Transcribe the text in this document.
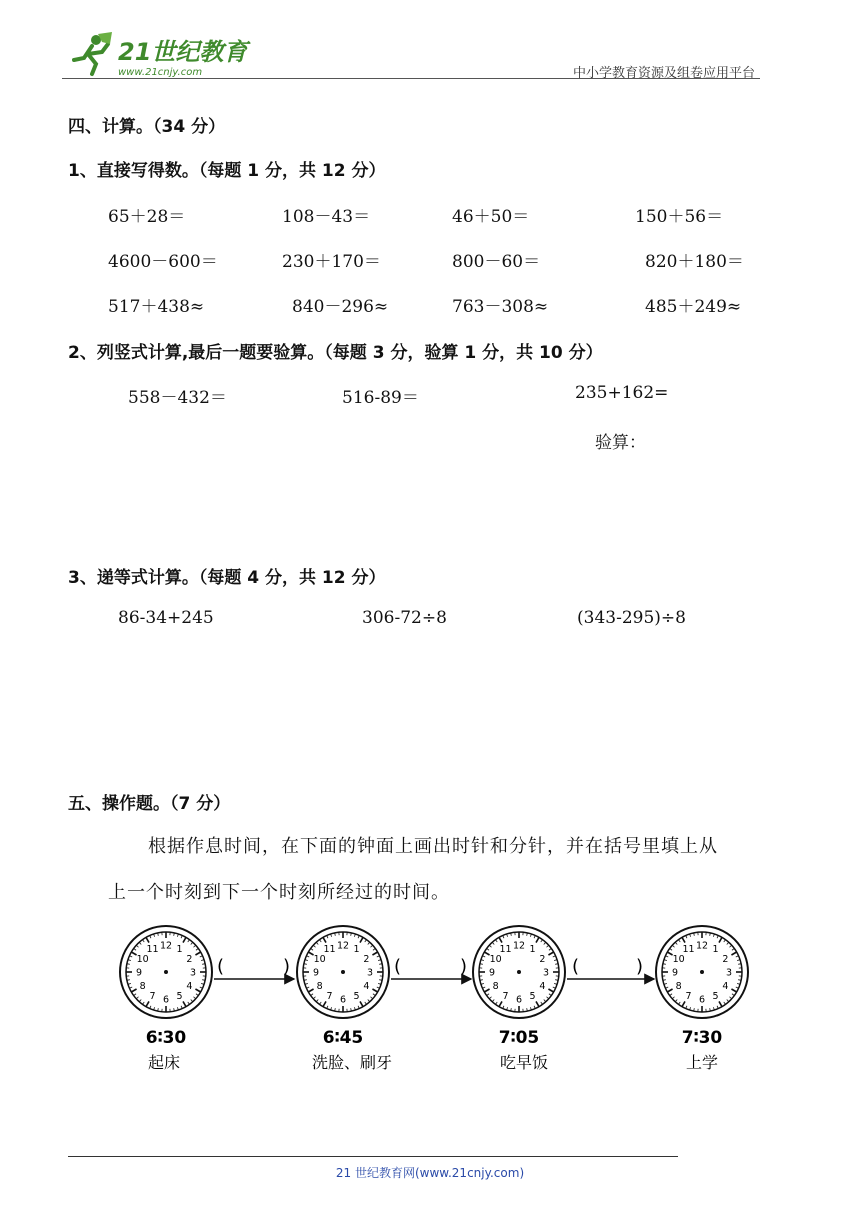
21世纪教育
www.21cnjy.com	中小学教育资源及组卷应用平台
四、计算。（34 分）
1、直接写得数。（每题 1 分，共 12 分）
65＋28＝	108－43＝	46＋50＝	150＋56＝
4600－600＝	230＋170＝	800－60＝	820＋180＝
517＋438≈	840－296≈	763－308≈	485＋249≈
2、列竖式计算,最后一题要验算。（每题 3 分，验算 1 分，共 10 分）
558－432＝	516-89＝	235+162=
验算：
3、递等式计算。（每题 4 分，共 12 分）
86-34+245	306-72÷8	(343-295)÷8
五、操作题。（7 分）
根据作息时间，在下面的钟面上画出时针和分针，并在括号里填上从
上一个时刻到下一个时刻所经过的时间。
1
2
3
4
5
6
7
8
9
10
11 12	1
2
3
4
5
6
7
8
9
10
11 12	1
2
3
4
5
6
7
8
9
10
11 12	1
2
3
4
5
6
7
8
9
10
11 12
6∶30	6∶45	7∶05	7∶30
起床	洗脸、刷牙	吃早饭	上学
(	)	(	)	(	)
21 世纪教育网(www.21cnjy.com)
